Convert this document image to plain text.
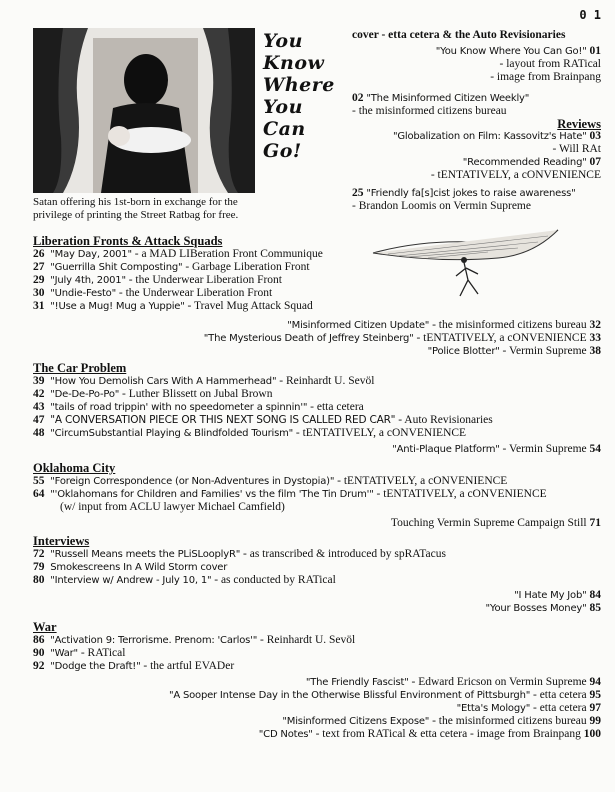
0 1
Satan offering his 1st-born in exchange for the privilege of printing the Street Ratbag for free.
You
Know
Where
You
Can
Go!
cover - etta cetera & the Auto Revisionaries
"You Know Where You Can Go!" 01
- layout from RATical
- image from Brainpang
02 "The Misinformed Citizen Weekly"
- the misinformed citizens bureau
Reviews
"Globalization on Film: Kassovitz's Hate" 03
- Will RAt
"Recommended Reading" 07
- tENTATIVELY, a cONVENIENCE
25 "Friendly fa[s]cist jokes to raise awareness"
- Brandon Loomis on Vermin Supreme
Liberation Fronts & Attack Squads
26 "May Day, 2001" - a MAD LIBeration Front Communique
27 "Guerrilla Shit Composting" - Garbage Liberation Front
29 "July 4th, 2001" - the Underwear Liberation Front
30 "Undie-Festo" - the Underwear Liberation Front
31 "!Use a Mug! Mug a Yuppie" - Travel Mug Attack Squad
"Misinformed Citizen Update" - the misinformed citizens bureau 32
"The Mysterious Death of Jeffrey Steinberg" - tENTATIVELY, a cONVENIENCE 33
"Police Blotter" - Vermin Supreme 38
The Car Problem
39 "How You Demolish Cars With A Hammerhead" - Reinhardt U. Sevöl
42 "De-De-Po-Po" - Luther Blissett on Jubal Brown
43 "tails of road trippin' with no speedometer a spinnin'" - etta cetera
47 "A CONVERSATION PIECE OR THIS NEXT SONG IS CALLED RED CAR" - Auto Revisionaries
48 "CircumSubstantial Playing & Blindfolded Tourism" - tENTATIVELY, a cONVENIENCE
"Anti-Plaque Platform" - Vermin Supreme 54
Oklahoma City
55 "Foreign Correspondence (or Non-Adventures in Dystopia)" - tENTATIVELY, a cONVENIENCE
64 "'Oklahomans for Children and Families' vs the film 'The Tin Drum'" - tENTATIVELY, a cONVENIENCE
(w/ input from ACLU lawyer Michael Camfield)
Touching Vermin Supreme Campaign Still 71
Interviews
72 "Russell Means meets the PLiSLooplyR" - as transcribed & introduced by spRATacus
79 Smokescreens In A Wild Storm cover
80 "Interview w/ Andrew - July 10, 1" - as conducted by RATical
"I Hate My Job" 84
"Your Bosses Money" 85
War
86 "Activation 9: Terrorisme. Prenom: 'Carlos'" - Reinhardt U. Sevöl
90 "War" - RATical
92 "Dodge the Draft!" - the artful EVADer
"The Friendly Fascist" - Edward Ericson on Vermin Supreme 94
"A Sooper Intense Day in the Otherwise Blissful Environment of Pittsburgh" - etta cetera 95
"Etta's Mology" - etta cetera 97
"Misinformed Citizens Expose" - the misinformed citizens bureau 99
"CD Notes" - text from RATical & etta cetera - image from Brainpang 100
